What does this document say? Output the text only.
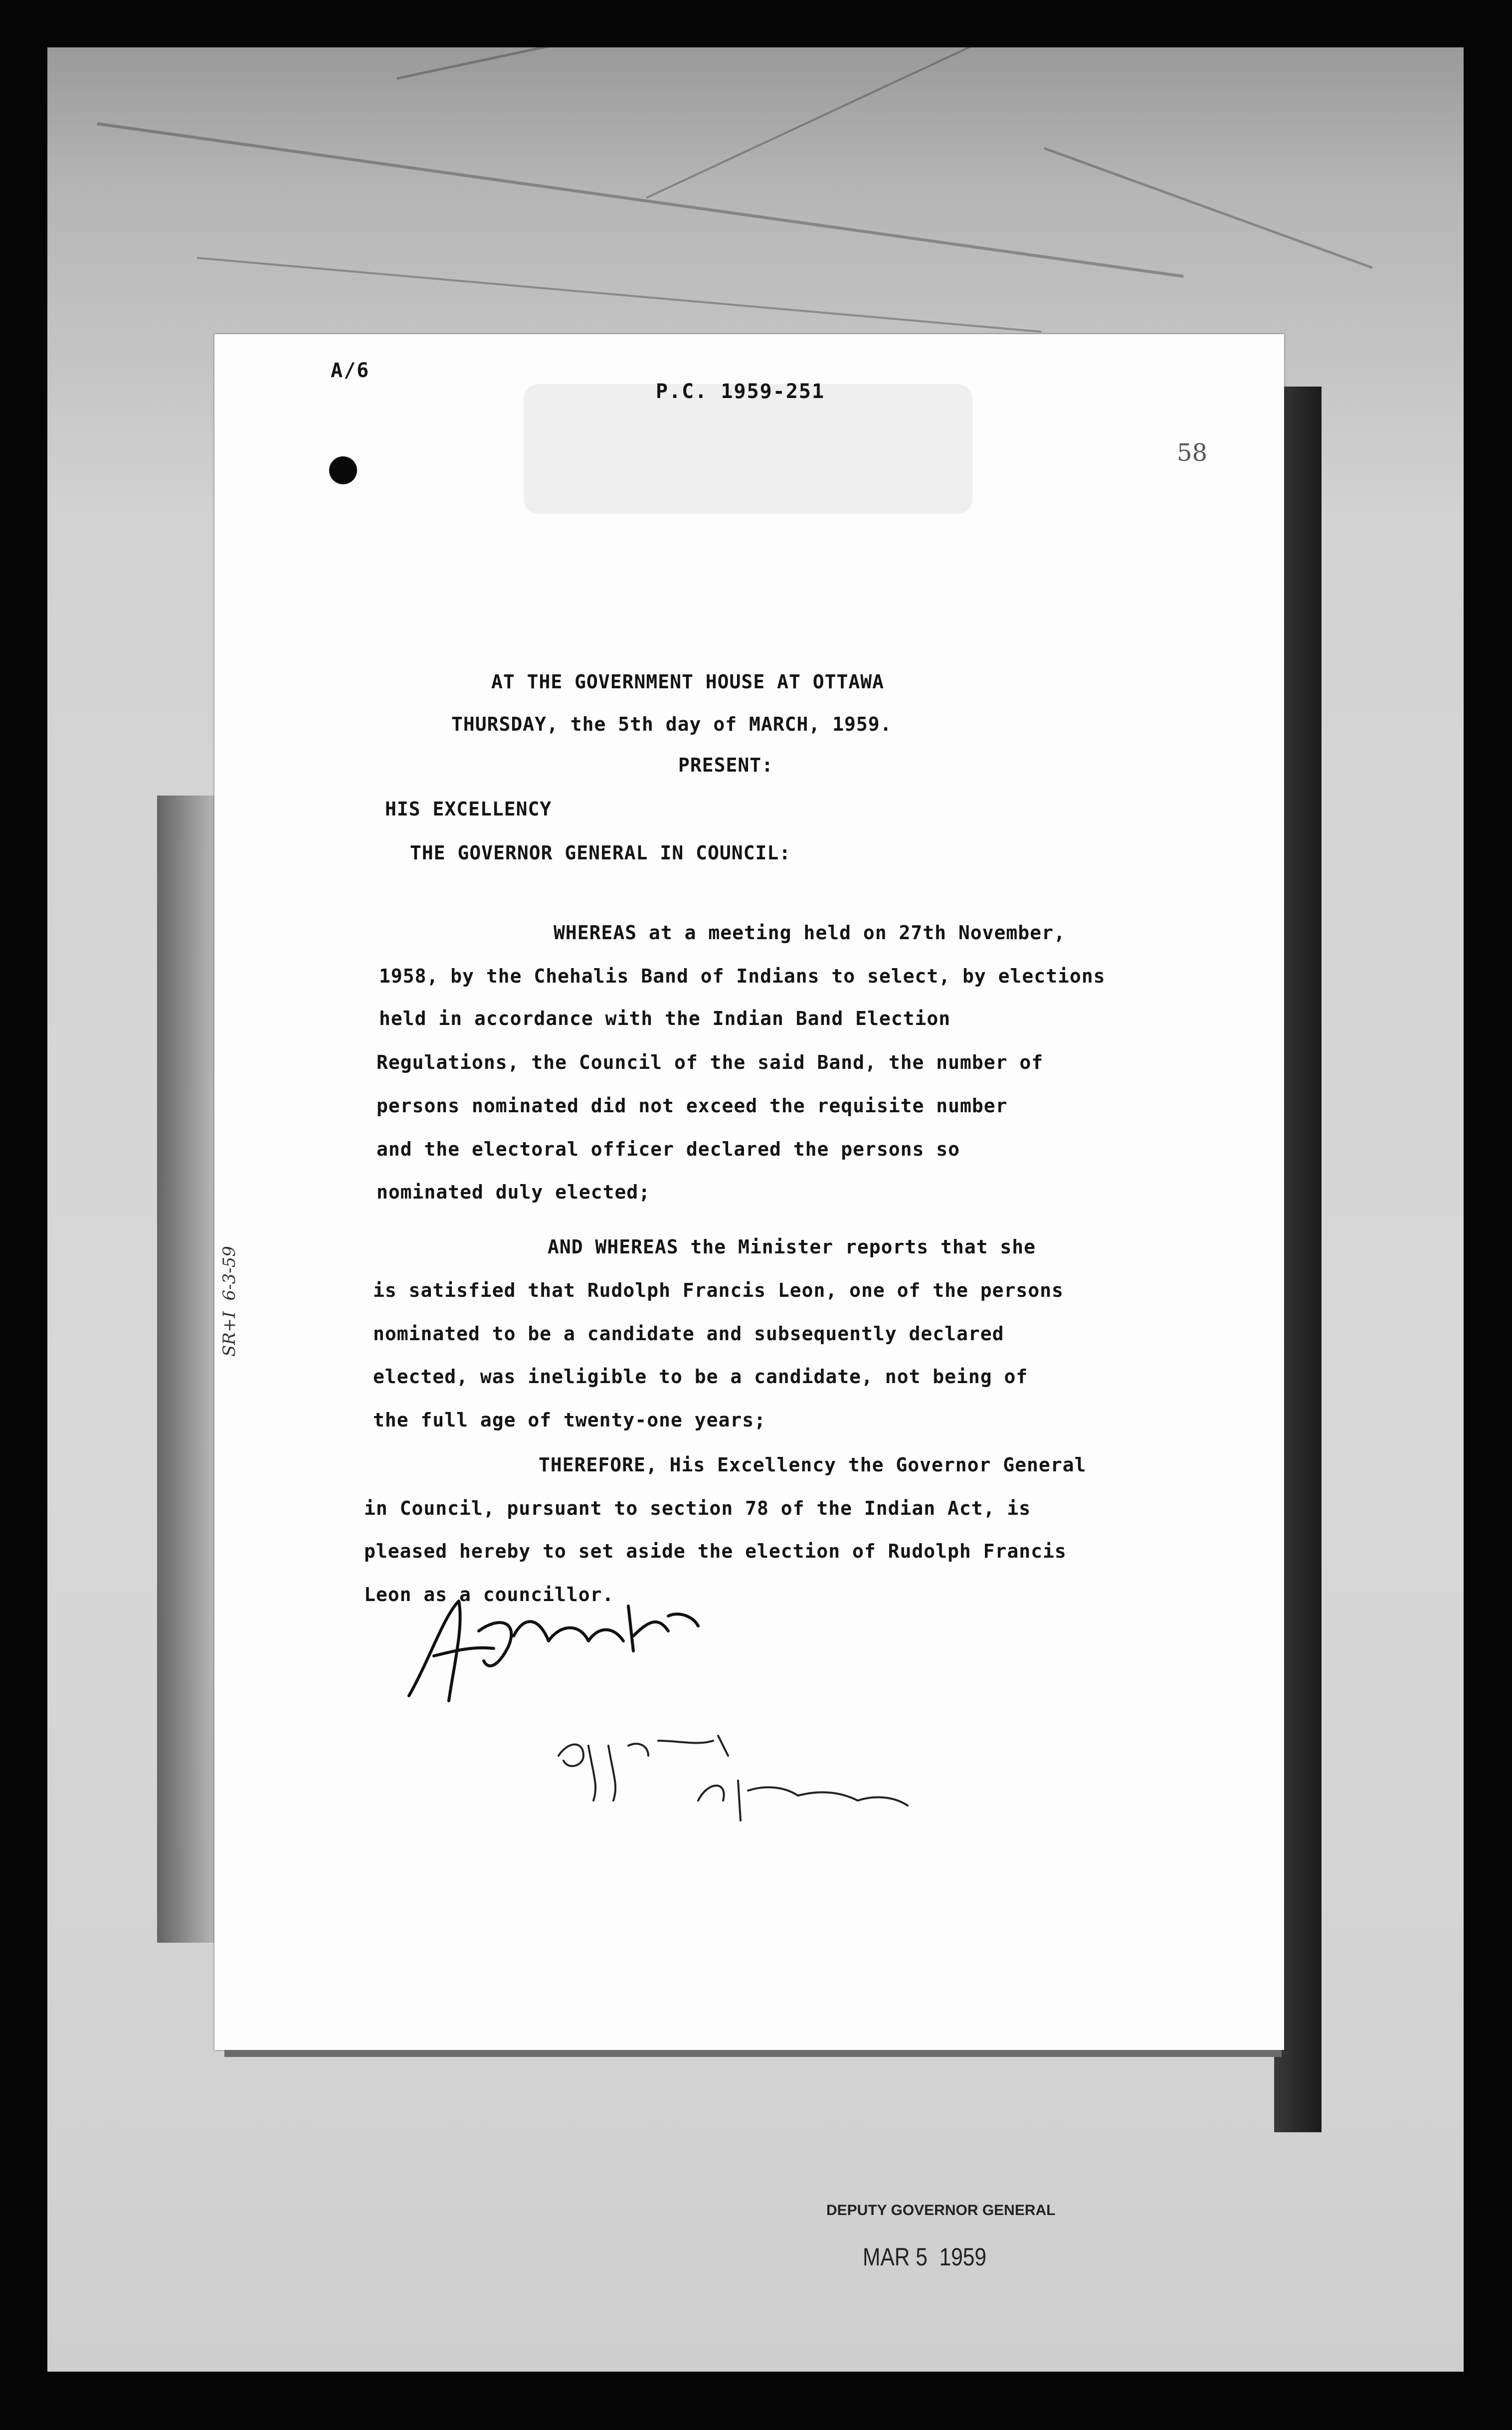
A/6
P.C. 1959-251
58
AT THE GOVERNMENT HOUSE AT OTTAWA
THURSDAY, the 5th day of MARCH, 1959.
PRESENT:
HIS EXCELLENCY
THE GOVERNOR GENERAL IN COUNCIL:
WHEREAS at a meeting held on 27th November,
1958, by the Chehalis Band of Indians to select, by elections
held in accordance with the Indian Band Election
Regulations, the Council of the said Band, the number of
persons nominated did not exceed the requisite number
and the electoral officer declared the persons so
nominated duly elected;
AND WHEREAS the Minister reports that she
is satisfied that Rudolph Francis Leon, one of the persons
nominated to be a candidate and subsequently declared
elected, was ineligible to be a candidate, not being of
the full age of twenty-one years;
THEREFORE, His Excellency the Governor General
in Council, pursuant to section 78 of the Indian Act, is
pleased hereby to set aside the election of Rudolph Francis
Leon as a councillor.
DEPUTY GOVERNOR GENERAL
MAR 5  1959
SR+I  6-3-59
